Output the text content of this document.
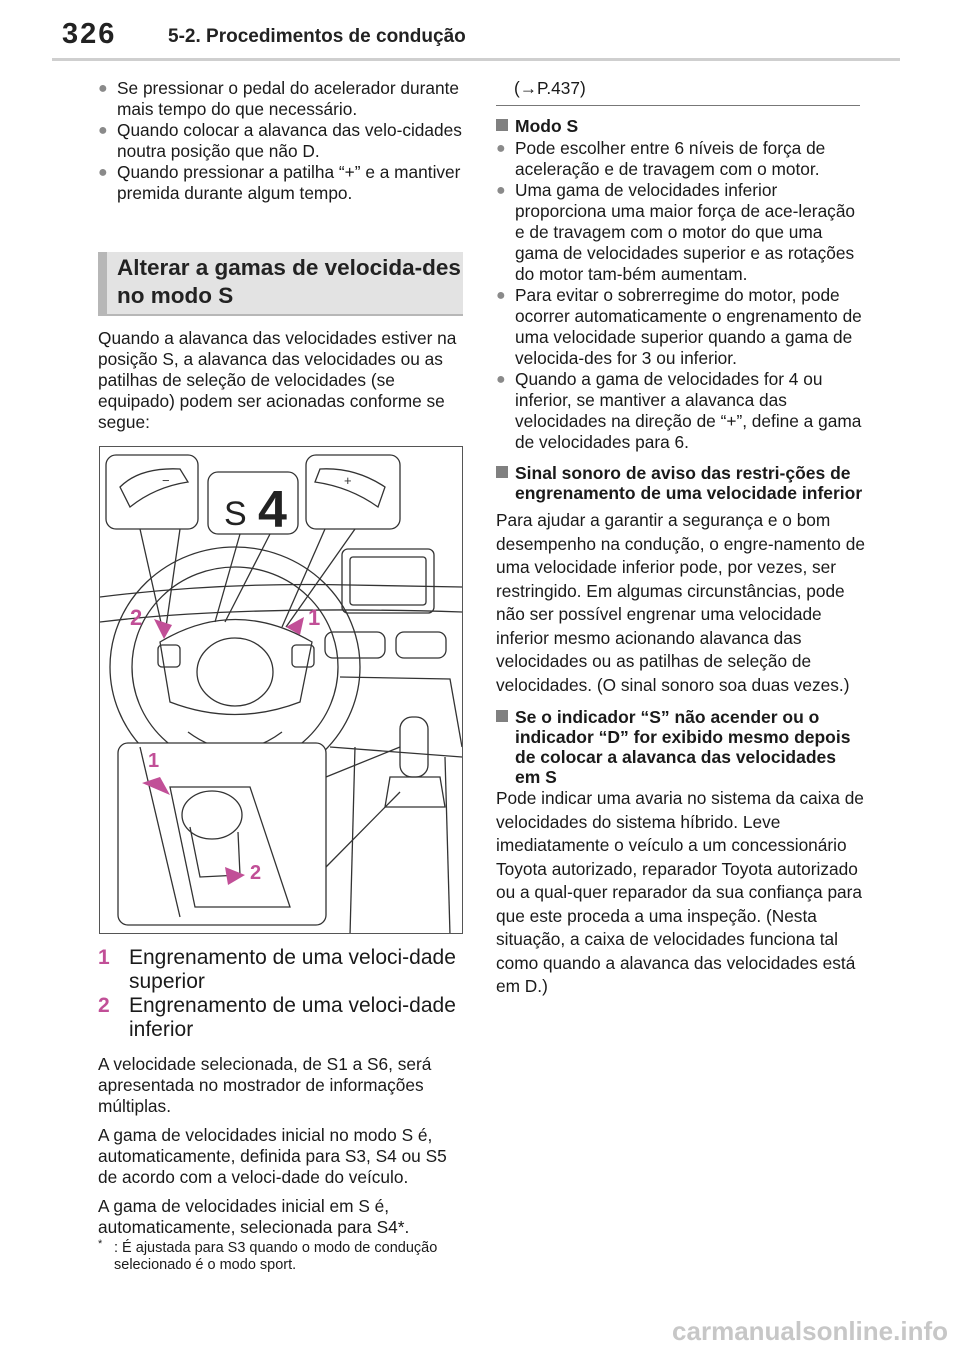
326	5-2. Procedimentos de condução

● Se pressionar o pedal do acelerador durante mais tempo do que necessário.

● Quando colocar a alavanca das velo-cidades noutra posição que não D.

● Quando pressionar a patilha “+” e a mantiver premida durante algum tempo.

Alterar a gamas de velocida-des no modo S

Quando a alavanca das velocidades estiver na posição S, a alavanca das velocidades ou as patilhas de seleção de velocidades (se equipado) podem ser acionadas conforme se segue:

S 4
−	+
2	1
1
2

1 Engrenamento de uma veloci-dade superior

2 Engrenamento de uma veloci-dade inferior

A velocidade selecionada, de S1 a S6, será apresentada no mostrador de informações múltiplas.

A gama de velocidades inicial no modo S é, automaticamente, definida para S3, S4 ou S5 de acordo com a veloci-dade do veículo.

A gama de velocidades inicial em S é, automaticamente, selecionada para S4*.

* : É ajustada para S3 quando o modo de condução selecionado é o modo sport.

(→P.437)

Modo S

● Pode escolher entre 6 níveis de força de aceleração e de travagem com o motor.

● Uma gama de velocidades inferior proporciona uma maior força de ace-leração e de travagem com o motor do que uma gama de velocidades superior e as rotações do motor tam-bém aumentam.

● Para evitar o sobrerregime do motor, pode ocorrer automaticamente o engrenamento de uma velocidade superior quando a gama de velocida-des for 3 ou inferior.

● Quando a gama de velocidades for 4 ou inferior, se mantiver a alavanca das velocidades na direção de “+”, define a gama de velocidades para 6.

Sinal sonoro de aviso das restri-ções de engrenamento de uma velocidade inferior

Para ajudar a garantir a segurança e o bom desempenho na condução, o engre-namento de uma velocidade inferior pode, por vezes, ser restringido. Em algumas circunstâncias, pode não ser possível engrenar uma velocidade inferior mesmo acionando alavanca das velocidades ou as patilhas de seleção de velocidades. (O sinal sonoro soa duas vezes.)

Se o indicador “S” não acender ou o indicador “D” for exibido mesmo depois de colocar a alavanca das velocidades em S

Pode indicar uma avaria no sistema da caixa de velocidades do sistema híbrido. Leve imediatamente o veículo a um concessionário Toyota autorizado, reparador Toyota autorizado ou a qual-quer reparador da sua confiança para que este proceda a uma inspeção. (Nesta situação, a caixa de velocidades funciona tal como quando a alavanca das velocidades está em D.)

carmanualsonline.info
